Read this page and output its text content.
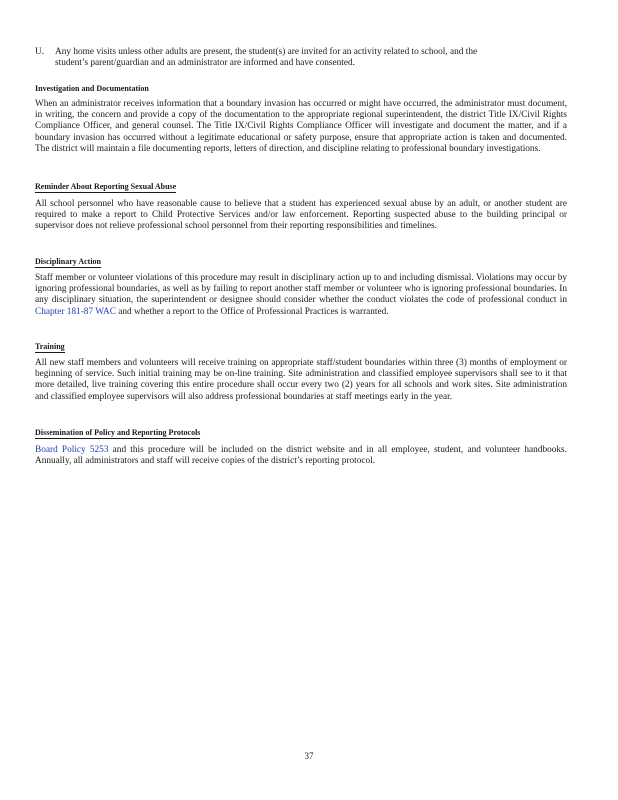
U. Any home visits unless other adults are present, the student(s) are invited for an activity related to school, and the
student’s parent/guardian and an administrator are informed and have consented.
Investigation and Documentation
When an administrator receives information that a boundary invasion has occurred or might have occurred, the administrator must document, in writing, the concern and provide a copy of the documentation to the appropriate regional superintendent, the district Title IX/Civil Rights Compliance Officer, and general counsel. The Title IX/Civil Rights Compliance Officer will investigate and document the matter, and if a boundary invasion has occurred without a legitimate educational or safety purpose, ensure that appropriate action is taken and documented. The district will maintain a file documenting reports, letters of direction, and discipline relating to professional boundary investigations.
Reminder About Reporting Sexual Abuse
All school personnel who have reasonable cause to believe that a student has experienced sexual abuse by an adult, or another student are required to make a report to Child Protective Services and/or law enforcement. Reporting suspected abuse to the building principal or supervisor does not relieve professional school personnel from their reporting responsibilities and timelines.
Disciplinary Action
Staff member or volunteer violations of this procedure may result in disciplinary action up to and including dismissal. Violations may occur by ignoring professional boundaries, as well as by failing to report another staff member or volunteer who is ignoring professional boundaries. In any disciplinary situation, the superintendent or designee should consider whether the conduct violates the code of professional conduct in Chapter 181-87 WAC and whether a report to the Office of Professional Practices is warranted.
Training
All new staff members and volunteers will receive training on appropriate staff/student boundaries within three (3) months of employment or beginning of service. Such initial training may be on-line training. Site administration and classified employee supervisors shall see to it that more detailed, live training covering this entire procedure shall occur every two (2) years for all schools and work sites. Site administration and classified employee supervisors will also address professional boundaries at staff meetings early in the year.
Dissemination of Policy and Reporting Protocols
Board Policy 5253 and this procedure will be included on the district website and in all employee, student, and volunteer handbooks. Annually, all administrators and staff will receive copies of the district’s reporting protocol.
37
